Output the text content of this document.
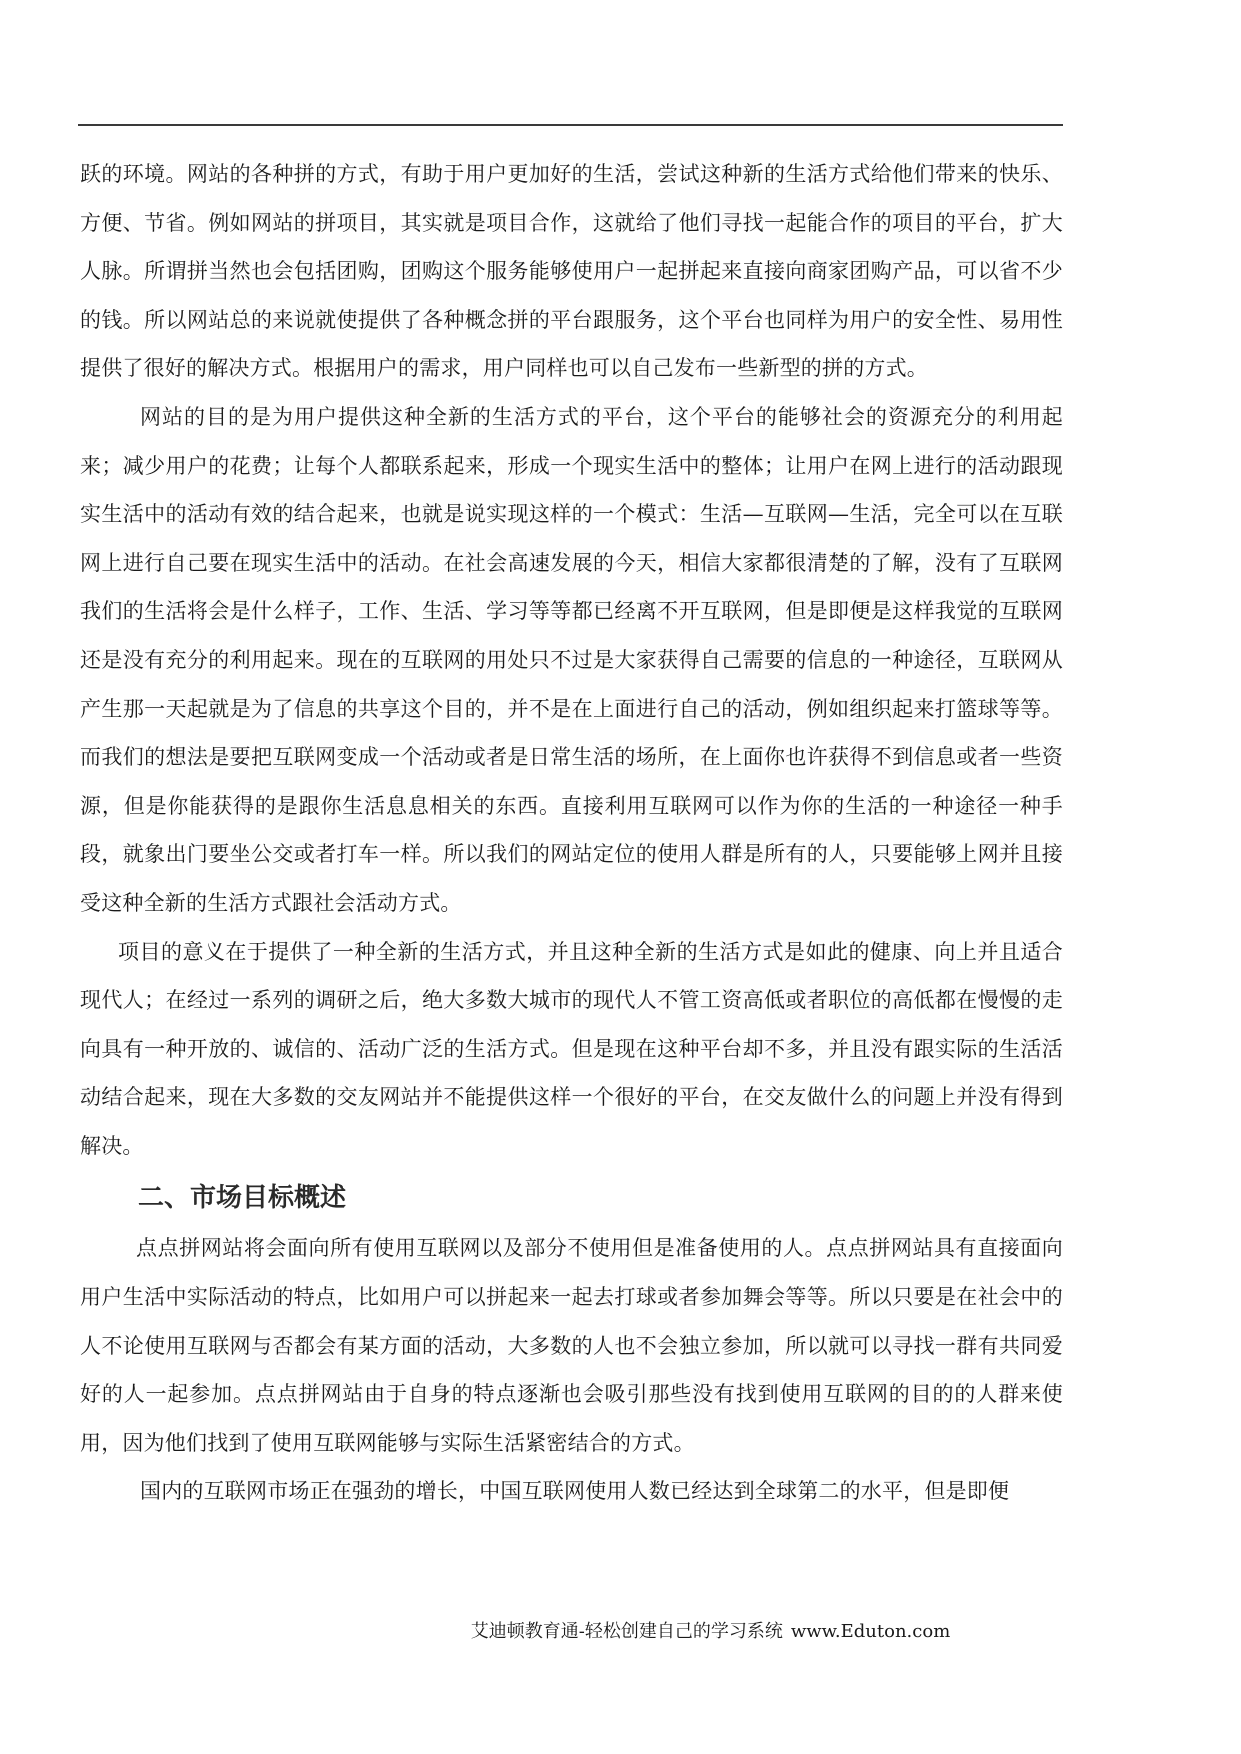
跃的环境。网站的各种拼的方式，有助于用户更加好的生活，尝试这种新的生活方式给他们带来的快乐、方便、节省。例如网站的拼项目，其实就是项目合作，这就给了他们寻找一起能合作的项目的平台，扩大人脉。所谓拼当然也会包括团购，团购这个服务能够使用户一起拼起来直接向商家团购产品，可以省不少的钱。所以网站总的来说就使提供了各种概念拼的平台跟服务，这个平台也同样为用户的安全性、易用性提供了很好的解决方式。根据用户的需求，用户同样也可以自己发布一些新型的拼的方式。

网站的目的是为用户提供这种全新的生活方式的平台，这个平台的能够社会的资源充分的利用起来；减少用户的花费；让每个人都联系起来，形成一个现实生活中的整体；让用户在网上进行的活动跟现实生活中的活动有效的结合起来，也就是说实现这样的一个模式：生活—互联网—生活，完全可以在互联网上进行自己要在现实生活中的活动。在社会高速发展的今天，相信大家都很清楚的了解，没有了互联网我们的生活将会是什么样子，工作、生活、学习等等都已经离不开互联网，但是即便是这样我觉的互联网还是没有充分的利用起来。现在的互联网的用处只不过是大家获得自己需要的信息的一种途径，互联网从产生那一天起就是为了信息的共享这个目的，并不是在上面进行自己的活动，例如组织起来打篮球等等。而我们的想法是要把互联网变成一个活动或者是日常生活的场所，在上面你也许获得不到信息或者一些资源，但是你能获得的是跟你生活息息相关的东西。直接利用互联网可以作为你的生活的一种途径一种手段，就象出门要坐公交或者打车一样。所以我们的网站定位的使用人群是所有的人，只要能够上网并且接受这种全新的生活方式跟社会活动方式。

项目的意义在于提供了一种全新的生活方式，并且这种全新的生活方式是如此的健康、向上并且适合现代人；在经过一系列的调研之后，绝大多数大城市的现代人不管工资高低或者职位的高低都在慢慢的走向具有一种开放的、诚信的、活动广泛的生活方式。但是现在这种平台却不多，并且没有跟实际的生活活动结合起来，现在大多数的交友网站并不能提供这样一个很好的平台，在交友做什么的问题上并没有得到解决。

二、市场目标概述

点点拼网站将会面向所有使用互联网以及部分不使用但是准备使用的人。点点拼网站具有直接面向用户生活中实际活动的特点，比如用户可以拼起来一起去打球或者参加舞会等等。所以只要是在社会中的人不论使用互联网与否都会有某方面的活动，大多数的人也不会独立参加，所以就可以寻找一群有共同爱好的人一起参加。点点拼网站由于自身的特点逐渐也会吸引那些没有找到使用互联网的目的的人群来使用，因为他们找到了使用互联网能够与实际生活紧密结合的方式。

国内的互联网市场正在强劲的增长，中国互联网使用人数已经达到全球第二的水平，但是即便

艾迪顿教育通-轻松创建自己的学习系统 www.Eduton.com
